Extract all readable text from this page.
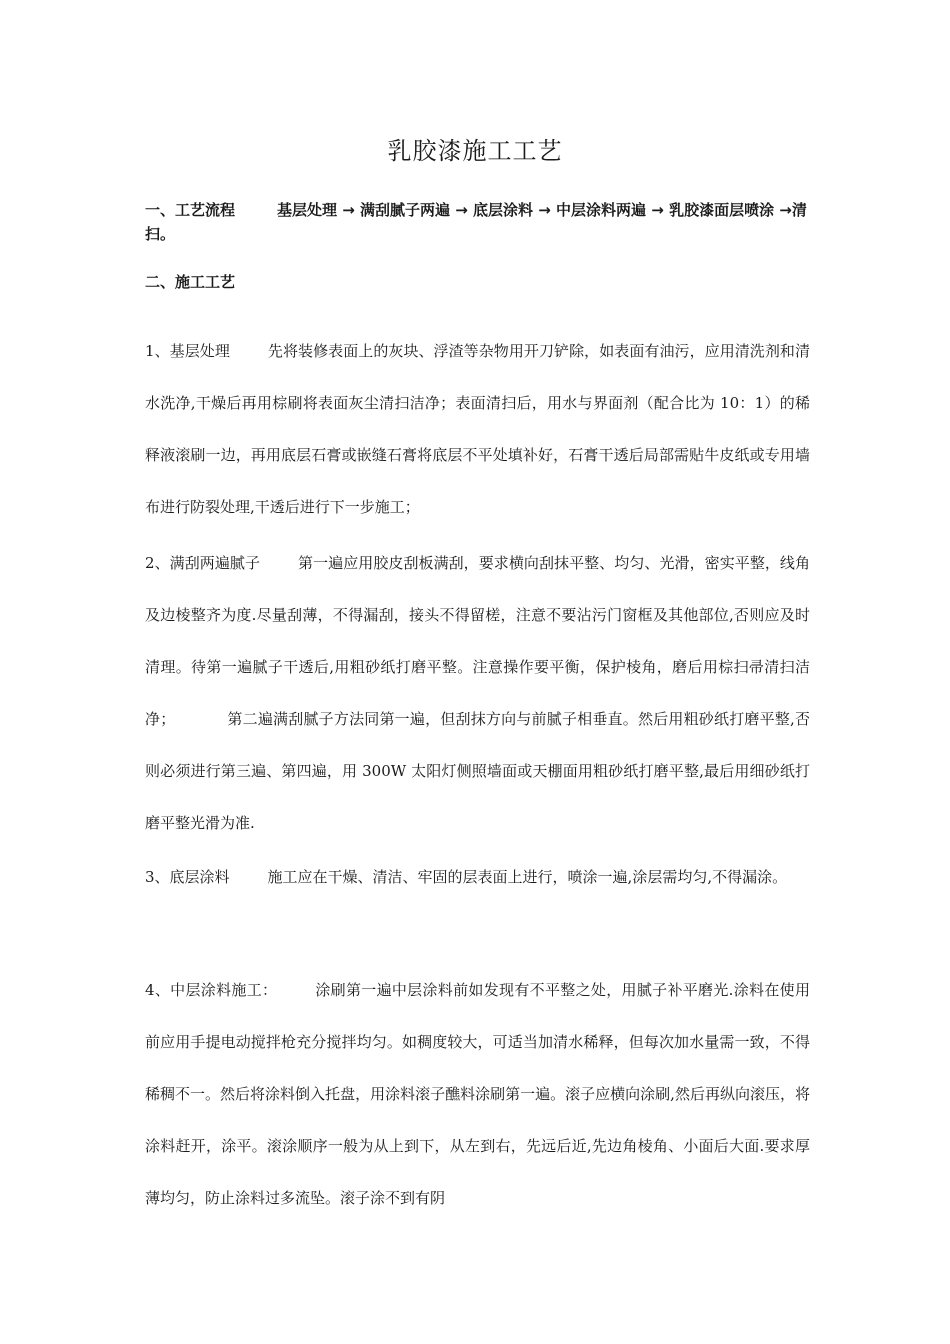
乳胶漆施工工艺

一、工艺流程	基层处理 → 满刮腻子两遍 → 底层涂料 → 中层涂料两遍 → 乳胶漆面层喷涂 →清扫。

二、施工工艺

1、基层处理	先将装修表面上的灰块、浮渣等杂物用开刀铲除，如表面有油污，应用清洗剂和清水洗净,干燥后再用棕刷将表面灰尘清扫洁净；表面清扫后，用水与界面剂（配合比为 10：1）的稀释液滚刷一边，再用底层石膏或嵌缝石膏将底层不平处填补好，石膏干透后局部需贴牛皮纸或专用墙布进行防裂处理,干透后进行下一步施工；

2、满刮两遍腻子	第一遍应用胶皮刮板满刮，要求横向刮抹平整、均匀、光滑，密实平整，线角及边棱整齐为度.尽量刮薄，不得漏刮，接头不得留槎，注意不要沾污门窗框及其他部位,否则应及时清理。待第一遍腻子干透后,用粗砂纸打磨平整。注意操作要平衡，保护棱角，磨后用棕扫帚清扫洁净；	第二遍满刮腻子方法同第一遍，但刮抹方向与前腻子相垂直。然后用粗砂纸打磨平整,否则必须进行第三遍、第四遍，用 300W 太阳灯侧照墙面或天棚面用粗砂纸打磨平整,最后用细砂纸打磨平整光滑为准.

3、底层涂料	施工应在干燥、清洁、牢固的层表面上进行，喷涂一遍,涂层需均匀,不得漏涂。

4、中层涂料施工：	涂刷第一遍中层涂料前如发现有不平整之处，用腻子补平磨光.涂料在使用前应用手提电动搅拌枪充分搅拌均匀。如稠度较大，可适当加清水稀释，但每次加水量需一致，不得稀稠不一。然后将涂料倒入托盘，用涂料滚子醮料涂刷第一遍。滚子应横向涂刷,然后再纵向滚压，将涂料赶开，涂平。滚涂顺序一般为从上到下，从左到右，先远后近,先边角棱角、小面后大面.要求厚薄均匀，防止涂料过多流坠。滚子涂不到有阴
